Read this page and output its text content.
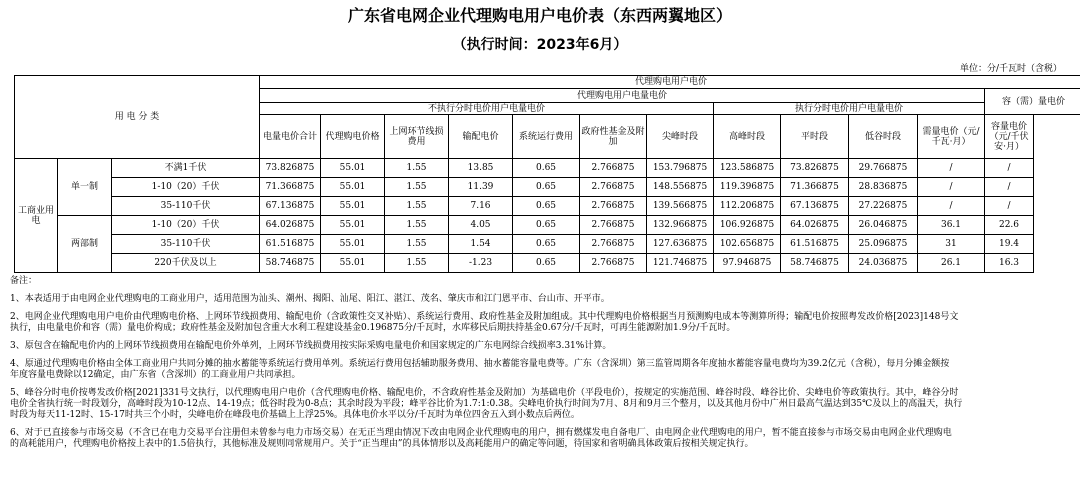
广东省电网企业代理购电用户电价表（东西两翼地区）
（执行时间：2023年6月）
单位：分/千瓦时（含税）
用 电 分 类			代理购电用户电价											
			代理购电用户电量电价											容（需）量电价
			不执行分时电价用户电量电价							执行分时电价用户电量电价				
			电量电价合计	代理购电价格	上网环节线损费用	输配电价	系统运行费用	政府性基金及附加	尖峰时段	高峰时段	平时段	低谷时段	需量电价（元/千瓦·月）	容量电价（元/千伏安·月）
工商业用电	单一制	不满1千伏	73.826875	55.01	1.55	13.85	0.65	2.766875	153.796875	123.586875	73.826875	29.766875	/	/
		1-10（20）千伏	71.366875	55.01	1.55	11.39	0.65	2.766875	148.556875	119.396875	71.366875	28.836875	/	/
		35-110千伏	67.136875	55.01	1.55	7.16	0.65	2.766875	139.566875	112.206875	67.136875	27.226875	/	/
	两部制	1-10（20）千伏	64.026875	55.01	1.55	4.05	0.65	2.766875	132.966875	106.926875	64.026875	26.046875	36.1	22.6
		35-110千伏	61.516875	55.01	1.55	1.54	0.65	2.766875	127.636875	102.656875	61.516875	25.096875	31	19.4
		220千伏及以上	58.746875	55.01	1.55	-1.23	0.65	2.766875	121.746875	97.946875	58.746875	24.036875	26.1	16.3

备注：

1、本表适用于由电网企业代理购电的工商业用户，适用范围为汕头、潮州、揭阳、汕尾、阳江、湛江、茂名、肇庆市和江门恩平市、台山市、开平市。

2、电网企业代理购电用户电价由代理购电价格、上网环节线损费用、输配电价（含政策性交叉补贴）、系统运行费用、政府性基金及附加组成。其中代理购电价格根据当月预测购电成本等测算所得；输配电价按照粤发改价格[2023]148号文

执行，由电量电价和容（需）量电价构成；政府性基金及附加包含重大水利工程建设基金0.196875分/千瓦时，水库移民后期扶持基金0.67分/千瓦时，可再生能源附加1.9分/千瓦时。

3、原包含在输配电价内的上网环节线损费用在输配电价外单列，上网环节线损费用按实际采购电量电价和国家规定的广东电网综合线损率3.31%计算。

4、原通过代理购电价格由全体工商业用户共同分摊的抽水蓄能等系统运行费用单列。系统运行费用包括辅助服务费用、抽水蓄能容量电费等。广东（含深圳）第三监管周期各年度抽水蓄能容量电费均为39.2亿元（含税），每月分摊金额按

年度容量电费除以12确定，由广东省（含深圳）的工商业用户共同承担。

5、峰谷分时电价按粤发改价格[2021]331号文执行，以代理购电用户电价（含代理购电价格、输配电价，不含政府性基金及附加）为基础电价（平段电价），按规定的实施范围、峰谷时段、峰谷比价、尖峰电价等政策执行。其中，峰谷分时

电价全省执行统一时段划分，高峰时段为10-12点、14-19点；低谷时段为0-8点；其余时段为平段；峰平谷比价为1.7:1:0.38。尖峰电价执行时间为7月、8月和9月三个整月，以及其他月份中广州日最高气温达到35℃及以上的高温天，执行

时段为每天11-12时、15-17时共三个小时，尖峰电价在峰段电价基础上上浮25%。具体电价水平以分/千瓦时为单位四舍五入到小数点后两位。

6、对于已直接参与市场交易（不含已在电力交易平台注册但未曾参与电力市场交易）在无正当理由情况下改由电网企业代理购电的用户，拥有燃煤发电自备电厂、由电网企业代理购电的用户，暂不能直接参与市场交易由电网企业代理购电

的高耗能用户，代理购电价格按上表中的1.5倍执行，其他标准及规则同常规用户。关于“正当理由”的具体情形以及高耗能用户的确定等问题，待国家和省明确具体政策后按相关规定执行。
